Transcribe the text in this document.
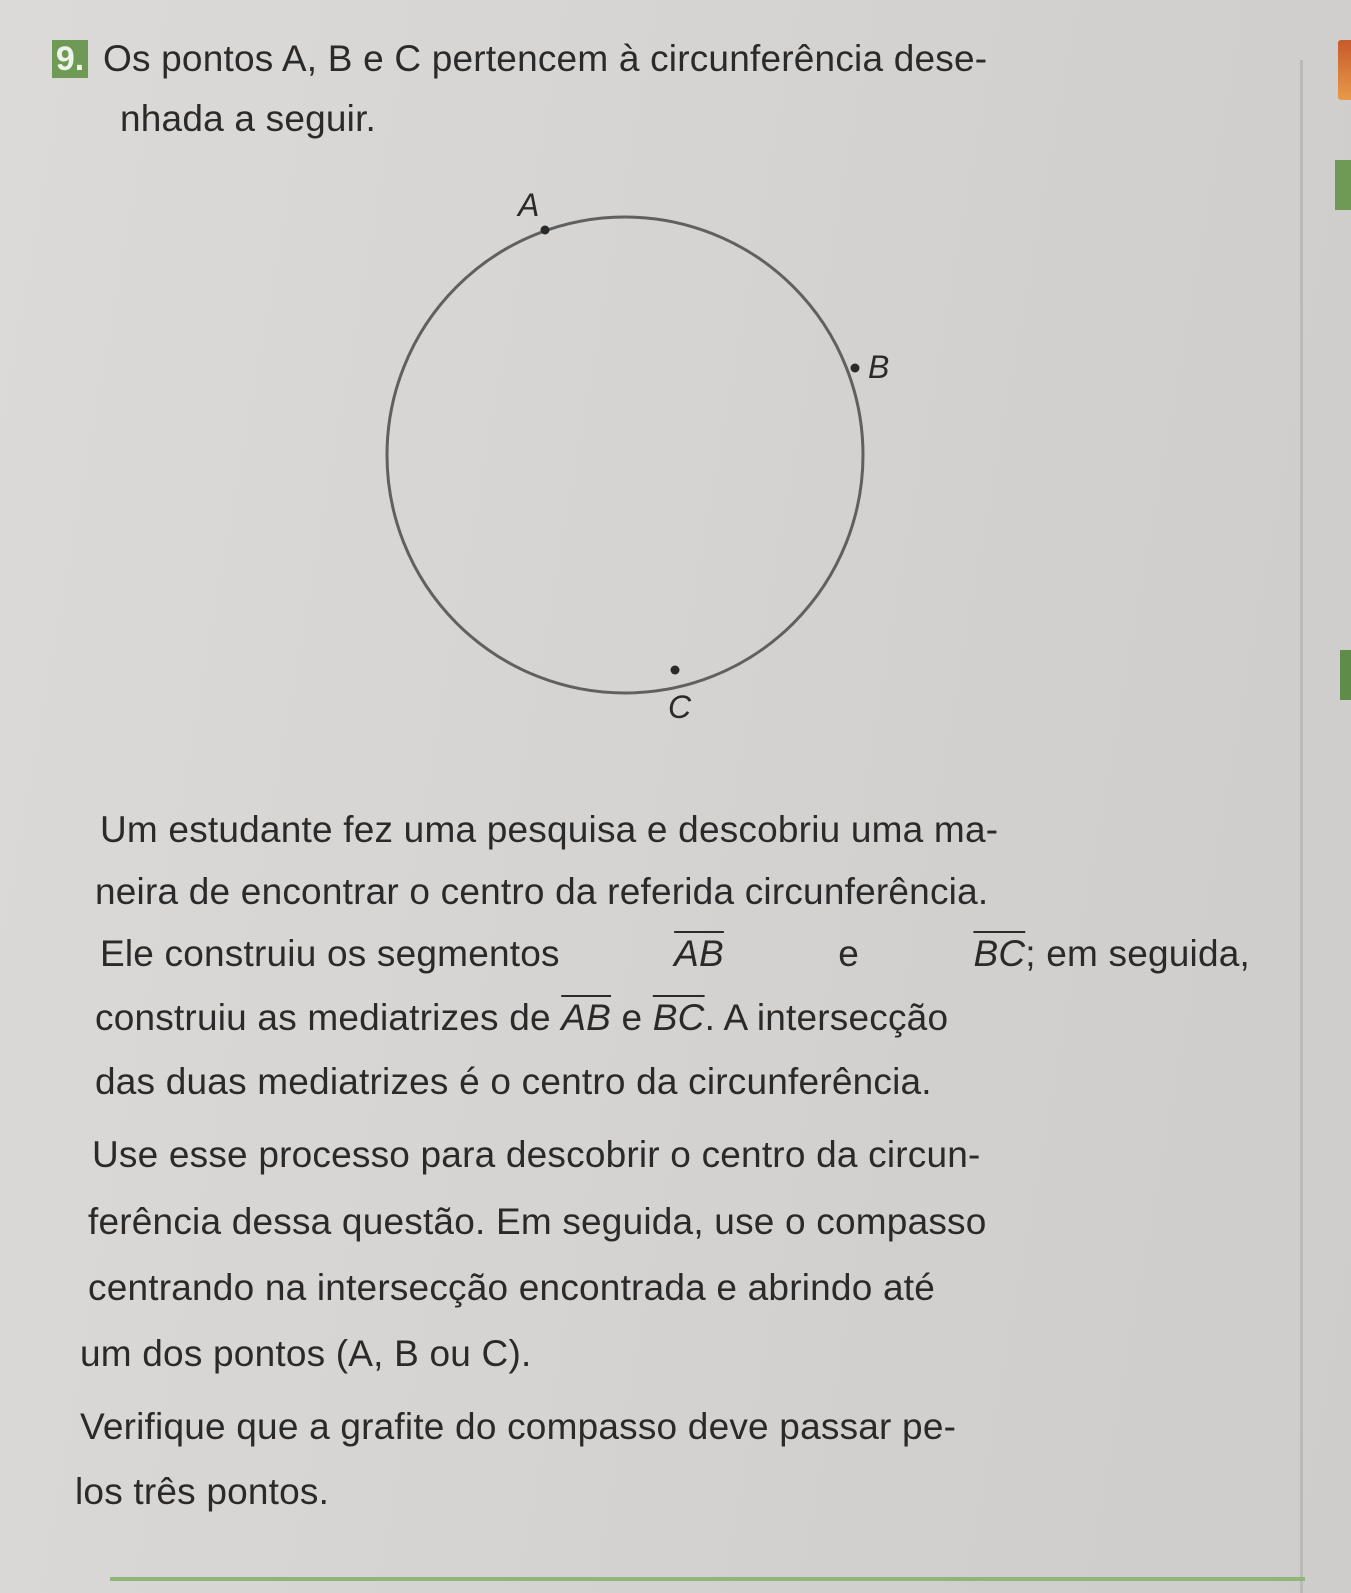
9. Os pontos A, B e C pertencem à circunferência dese-
nhada a seguir.
A
B
C
Um estudante fez uma pesquisa e descobriu uma ma-
neira de encontrar o centro da referida circunferência.
Ele construiu os segmentos	$\overline{AB}$	e	$\overline{BC}$; em seguida,
construiu as mediatrizes de $\overline{AB}$ e $\overline{BC}$. A intersecção
das duas mediatrizes é o centro da circunferência.
Use esse processo para descobrir o centro da circun-
ferência dessa questão. Em seguida, use o compasso
centrando na intersecção encontrada e abrindo até
um dos pontos (A, B ou C).
Verifique que a grafite do compasso deve passar pe-
los três pontos.
